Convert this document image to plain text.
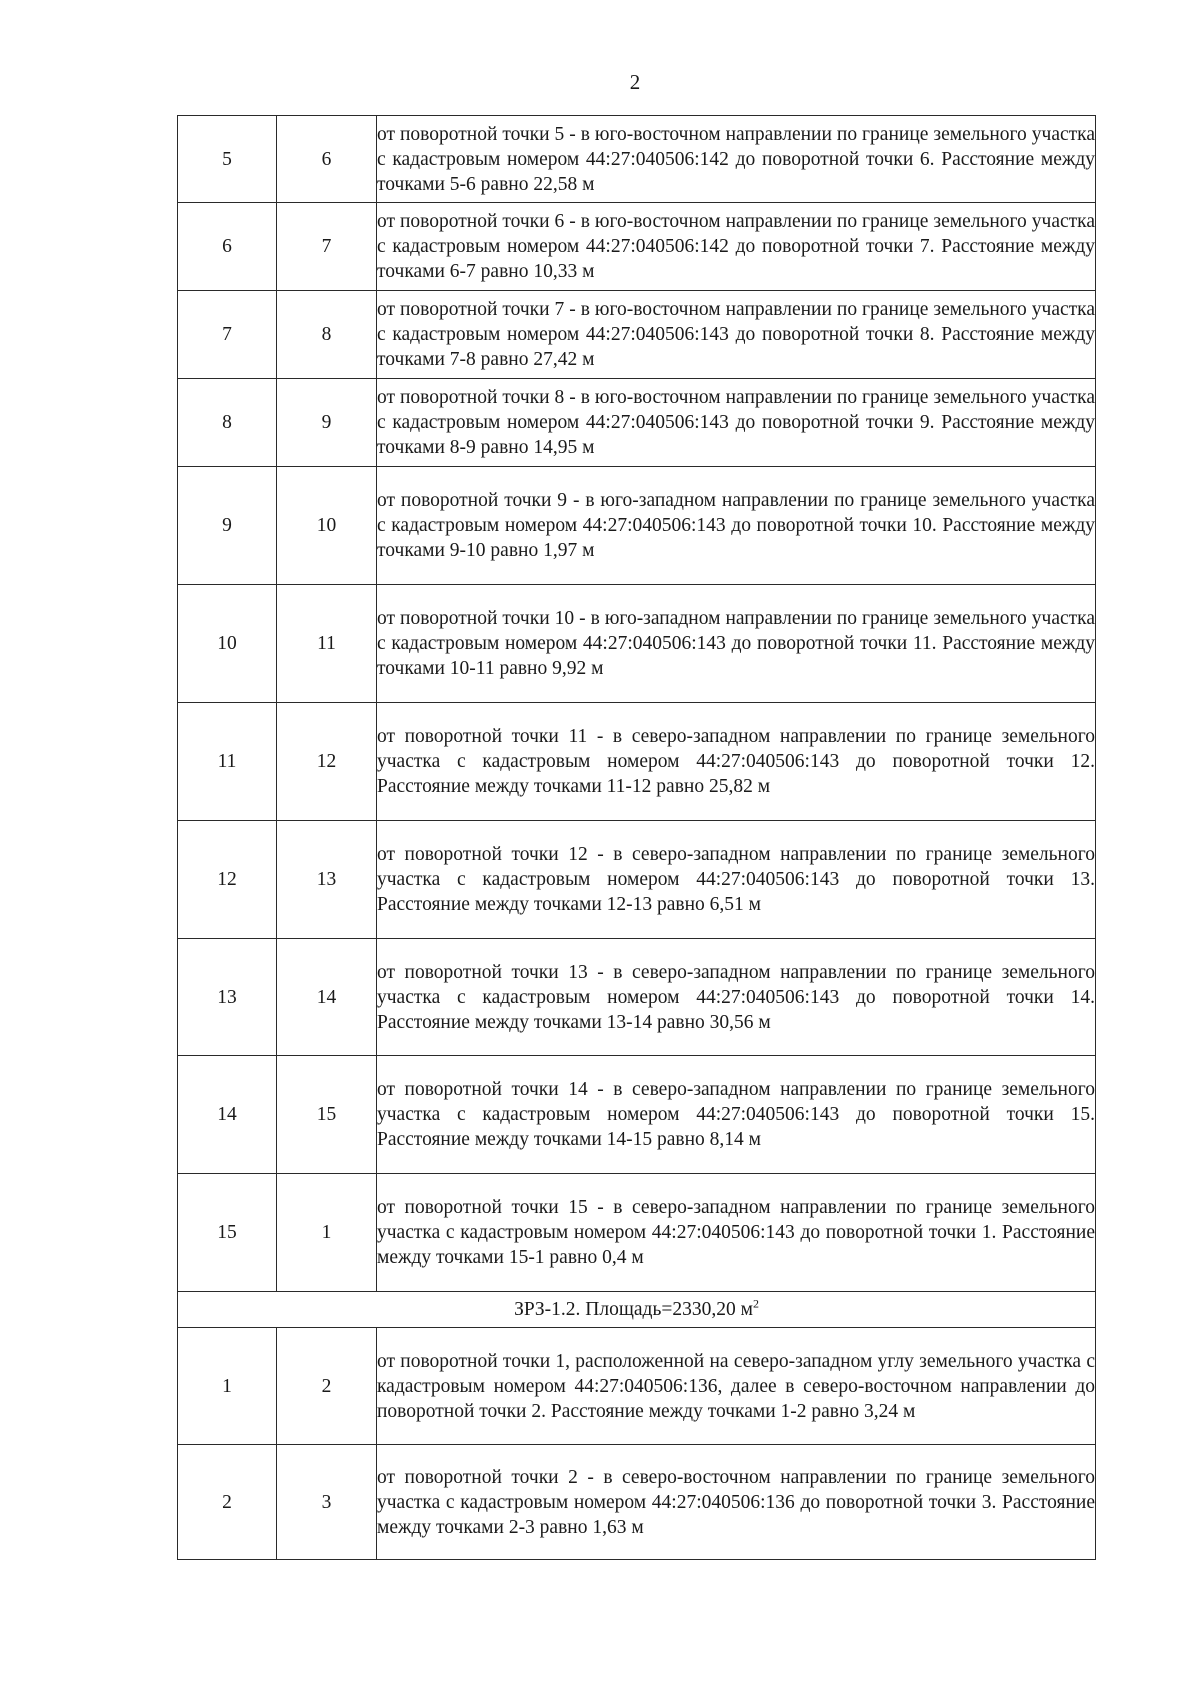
2
5	6	от поворотной точки 5 - в юго-восточном направлении по границе земельного участка с кадастровым номером 44:27:040506:142 до поворотной точки 6. Расстояние между точками 5-6 равно 22,58 м
6	7	от поворотной точки 6 - в юго-восточном направлении по границе земельного участка с кадастровым номером 44:27:040506:142 до поворотной точки 7. Расстояние между точками 6-7 равно 10,33 м
7	8	от поворотной точки 7 - в юго-восточном направлении по границе земельного участка с кадастровым номером 44:27:040506:143 до поворотной точки 8. Расстояние между точками 7-8 равно 27,42 м
8	9	от поворотной точки 8 - в юго-восточном направлении по границе земельного участка с кадастровым номером 44:27:040506:143 до поворотной точки 9. Расстояние между точками 8-9 равно 14,95 м
9	10	от поворотной точки 9 - в юго-западном направлении по границе земельного участка с кадастровым номером 44:27:040506:143 до поворотной точки 10. Расстояние между точками 9-10 равно 1,97 м
10	11	от поворотной точки 10 - в юго-западном направлении по границе земельного участка с кадастровым номером 44:27:040506:143 до поворотной точки 11. Расстояние между точками 10-11 равно 9,92 м
11	12	от поворотной точки 11 - в северо-западном направлении по границе земельного участка с кадастровым номером 44:27:040506:143 до поворотной точки 12. Расстояние между точками 11-12 равно 25,82 м
12	13	от поворотной точки 12 - в северо-западном направлении по границе земельного участка с кадастровым номером 44:27:040506:143 до поворотной точки 13. Расстояние между точками 12-13 равно 6,51 м
13	14	от поворотной точки 13 - в северо-западном направлении по границе земельного участка с кадастровым номером 44:27:040506:143 до поворотной точки 14. Расстояние между точками 13-14 равно 30,56 м
14	15	от поворотной точки 14 - в северо-западном направлении по границе земельного участка с кадастровым номером 44:27:040506:143 до поворотной точки 15. Расстояние между точками 14-15 равно 8,14 м
15	1	от поворотной точки 15 - в северо-западном направлении по границе земельного участка с кадастровым номером 44:27:040506:143 до поворотной точки 1. Расстояние между точками 15-1 равно 0,4 м
ЗРЗ-1.2. Площадь=2330,20 $м^2$
1	2	от поворотной точки 1, расположенной на северо-западном углу земельного участка с кадастровым номером 44:27:040506:136, далее в северо-восточном направлении до поворотной точки 2. Расстояние между точками 1-2 равно 3,24 м
2	3	от поворотной точки 2 - в северо-восточном направлении по границе земельного участка с кадастровым номером 44:27:040506:136 до поворотной точки 3. Расстояние между точками 2-3 равно 1,63 м
